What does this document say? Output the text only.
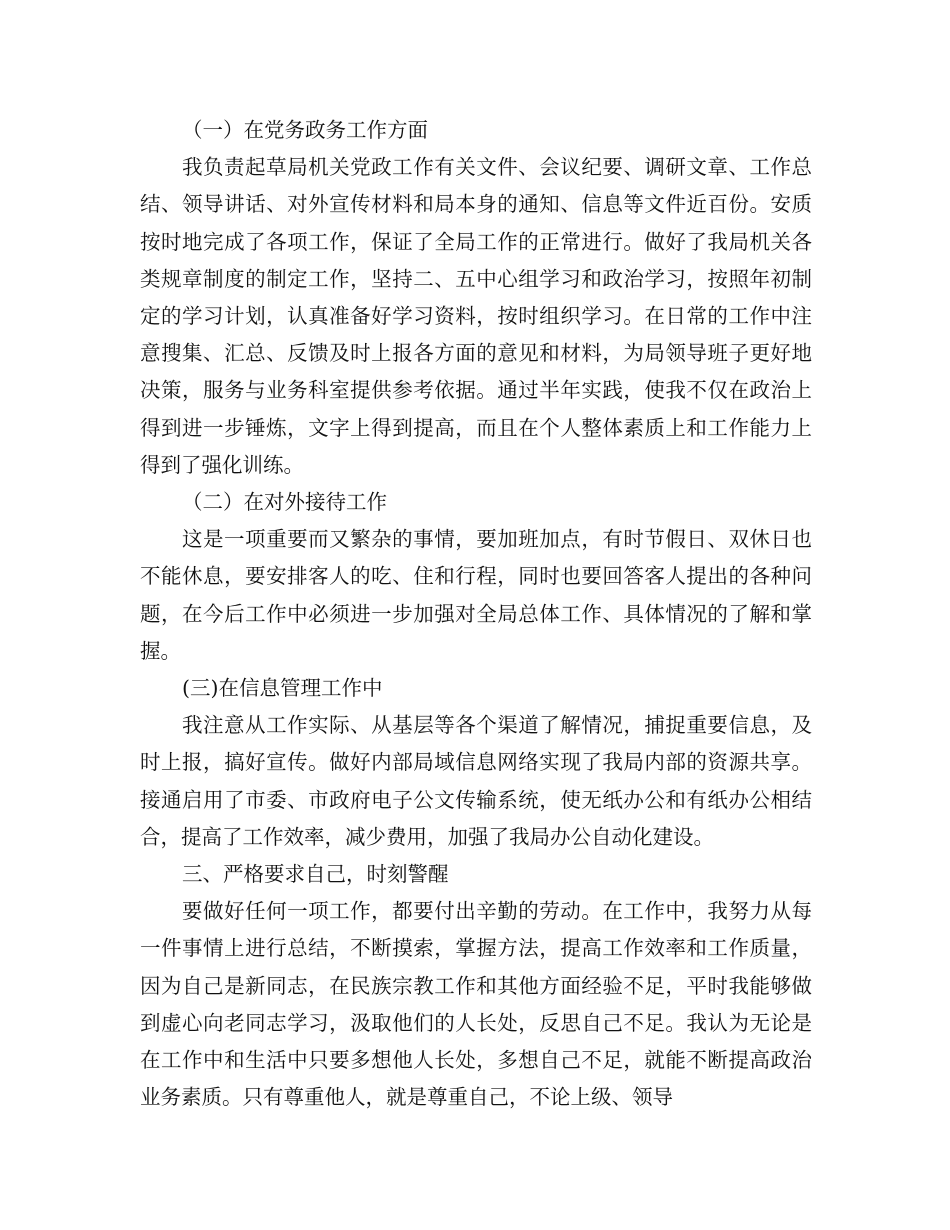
（一）在党务政务工作方面

我负责起草局机关党政工作有关文件、会议纪要、调研文章、工作总结、领导讲话、对外宣传材料和局本身的通知、信息等文件近百份。安质按时地完成了各项工作，保证了全局工作的正常进行。做好了我局机关各类规章制度的制定工作，坚持二、五中心组学习和政治学习，按照年初制定的学习计划，认真准备好学习资料，按时组织学习。在日常的工作中注意搜集、汇总、反馈及时上报各方面的意见和材料，为局领导班子更好地决策，服务与业务科室提供参考依据。通过半年实践，使我不仅在政治上得到进一步锤炼，文字上得到提高，而且在个人整体素质上和工作能力上得到了强化训练。

（二）在对外接待工作

这是一项重要而又繁杂的事情，要加班加点，有时节假日、双休日也不能休息，要安排客人的吃、住和行程，同时也要回答客人提出的各种问题，在今后工作中必须进一步加强对全局总体工作、具体情况的了解和掌握。

(三)在信息管理工作中

我注意从工作实际、从基层等各个渠道了解情况，捕捉重要信息，及时上报，搞好宣传。做好内部局域信息网络实现了我局内部的资源共享。接通启用了市委、市政府电子公文传输系统，使无纸办公和有纸办公相结合，提高了工作效率，减少费用，加强了我局办公自动化建设。

三、严格要求自己，时刻警醒

要做好任何一项工作，都要付出辛勤的劳动。在工作中，我努力从每一件事情上进行总结，不断摸索，掌握方法，提高工作效率和工作质量，因为自己是新同志，在民族宗教工作和其他方面经验不足，平时我能够做到虚心向老同志学习，汲取他们的人长处，反思自己不足。我认为无论是在工作中和生活中只要多想他人长处，多想自己不足，就能不断提高政治业务素质。只有尊重他人，就是尊重自己，不论上级、领导
